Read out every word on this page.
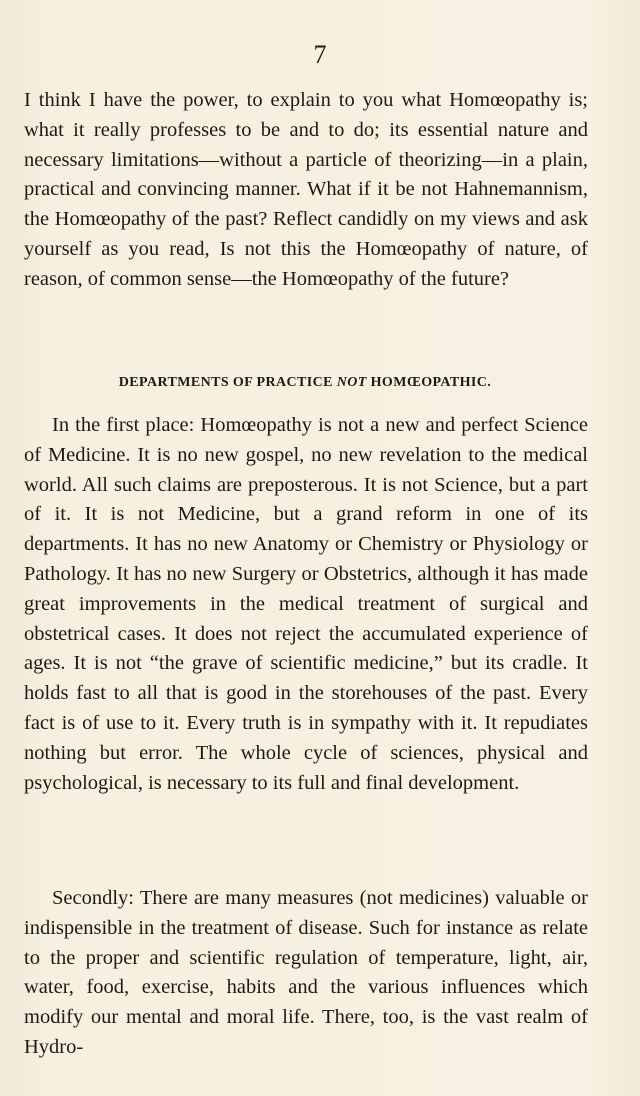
7

I think I have the power, to explain to you what Homœopathy is; what it really professes to be and to do; its essential nature and necessary limitations—without a particle of theorizing—in a plain, practical and convincing manner. What if it be not Hahnemannism, the Homœopathy of the past? Reflect candidly on my views and ask yourself as you read, Is not this the Homœopathy of nature, of reason, of common sense—the Homœopathy of the future?

DEPARTMENTS OF PRACTICE NOT HOMŒOPATHIC.

In the first place: Homœopathy is not a new and perfect Science of Medicine. It is no new gospel, no new revelation to the medical world. All such claims are preposterous. It is not Science, but a part of it. It is not Medicine, but a grand reform in one of its departments. It has no new Anatomy or Chemistry or Physiology or Pathology. It has no new Surgery or Obstetrics, although it has made great improvements in the medical treatment of surgical and obstetrical cases. It does not reject the accumulated experience of ages. It is not “the grave of scientific medicine,” but its cradle. It holds fast to all that is good in the storehouses of the past. Every fact is of use to it. Every truth is in sympathy with it. It repudiates nothing but error. The whole cycle of sciences, physical and psychological, is necessary to its full and final development.

Secondly: There are many measures (not medicines) valuable or indispensible in the treatment of disease. Such for instance as relate to the proper and scientific regulation of temperature, light, air, water, food, exercise, habits and the various influences which modify our mental and moral life. There, too, is the vast realm of Hydro-
